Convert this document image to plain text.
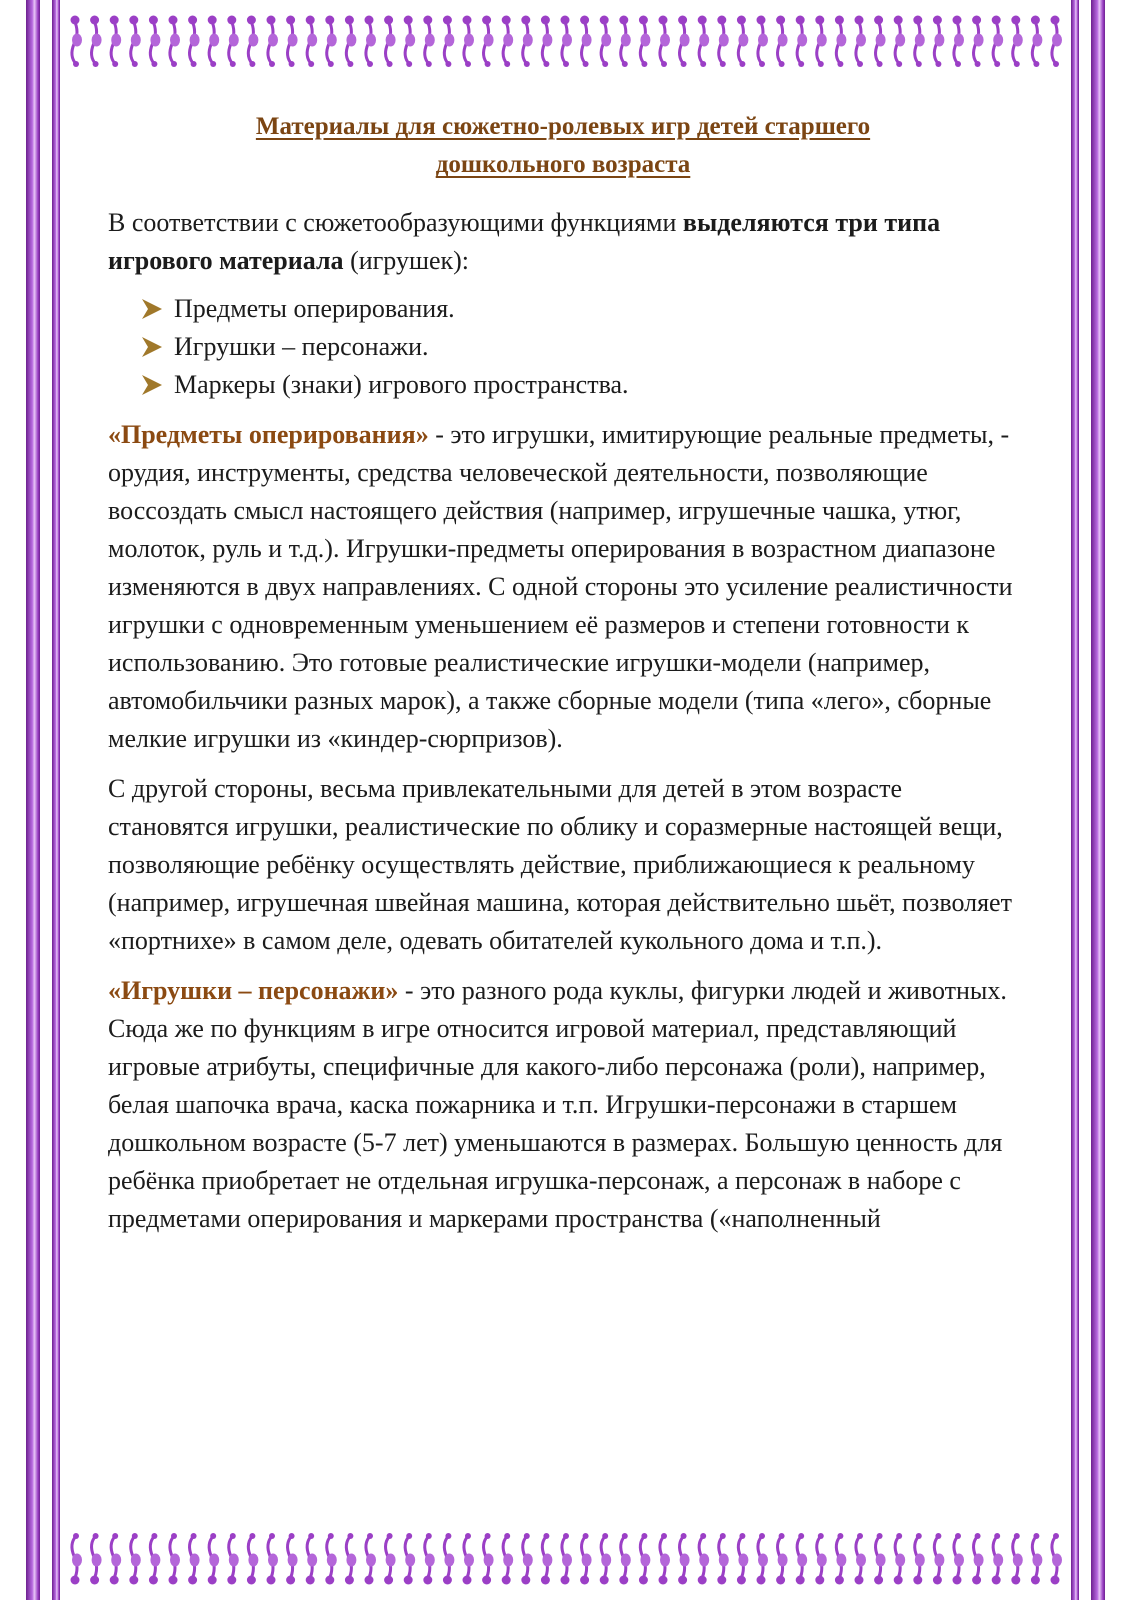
Материалы для сюжетно-ролевых игр детей старшего дошкольного возраста

В соответствии с сюжетообразующими функциями выделяются три типа игрового материала (игрушек):

Предметы оперирования.
Игрушки – персонажи.
Маркеры (знаки) игрового пространства.

«Предметы оперирования» - это игрушки, имитирующие реальные предметы, - орудия, инструменты, средства человеческой деятельности, позволяющие воссоздать смысл настоящего действия (например, игрушечные чашка, утюг, молоток, руль и т.д.). Игрушки-предметы оперирования в возрастном диапазоне изменяются в двух направлениях. С одной стороны это усиление реалистичности игрушки с одновременным уменьшением её размеров и степени готовности к использованию. Это готовые реалистические игрушки-модели (например, автомобильчики разных марок), а также сборные модели (типа «лего», сборные мелкие игрушки из «киндер-сюрпризов).

С другой стороны, весьма привлекательными для детей в этом возрасте становятся игрушки, реалистические по облику и соразмерные настоящей вещи, позволяющие ребёнку осуществлять действие, приближающиеся к реальному (например, игрушечная швейная машина, которая действительно шьёт, позволяет «портнихе» в самом деле, одевать обитателей кукольного дома и т.п.).

«Игрушки – персонажи» - это разного рода куклы, фигурки людей и животных. Сюда же по функциям в игре относится игровой материал, представляющий игровые атрибуты, специфичные для какого-либо персонажа (роли), например, белая шапочка врача, каска пожарника и т.п. Игрушки-персонажи в старшем дошкольном возрасте (5-7 лет) уменьшаются в размерах. Большую ценность для ребёнка приобретает не отдельная игрушка-персонаж, а персонаж в наборе с предметами оперирования и маркерами пространства («наполненный
